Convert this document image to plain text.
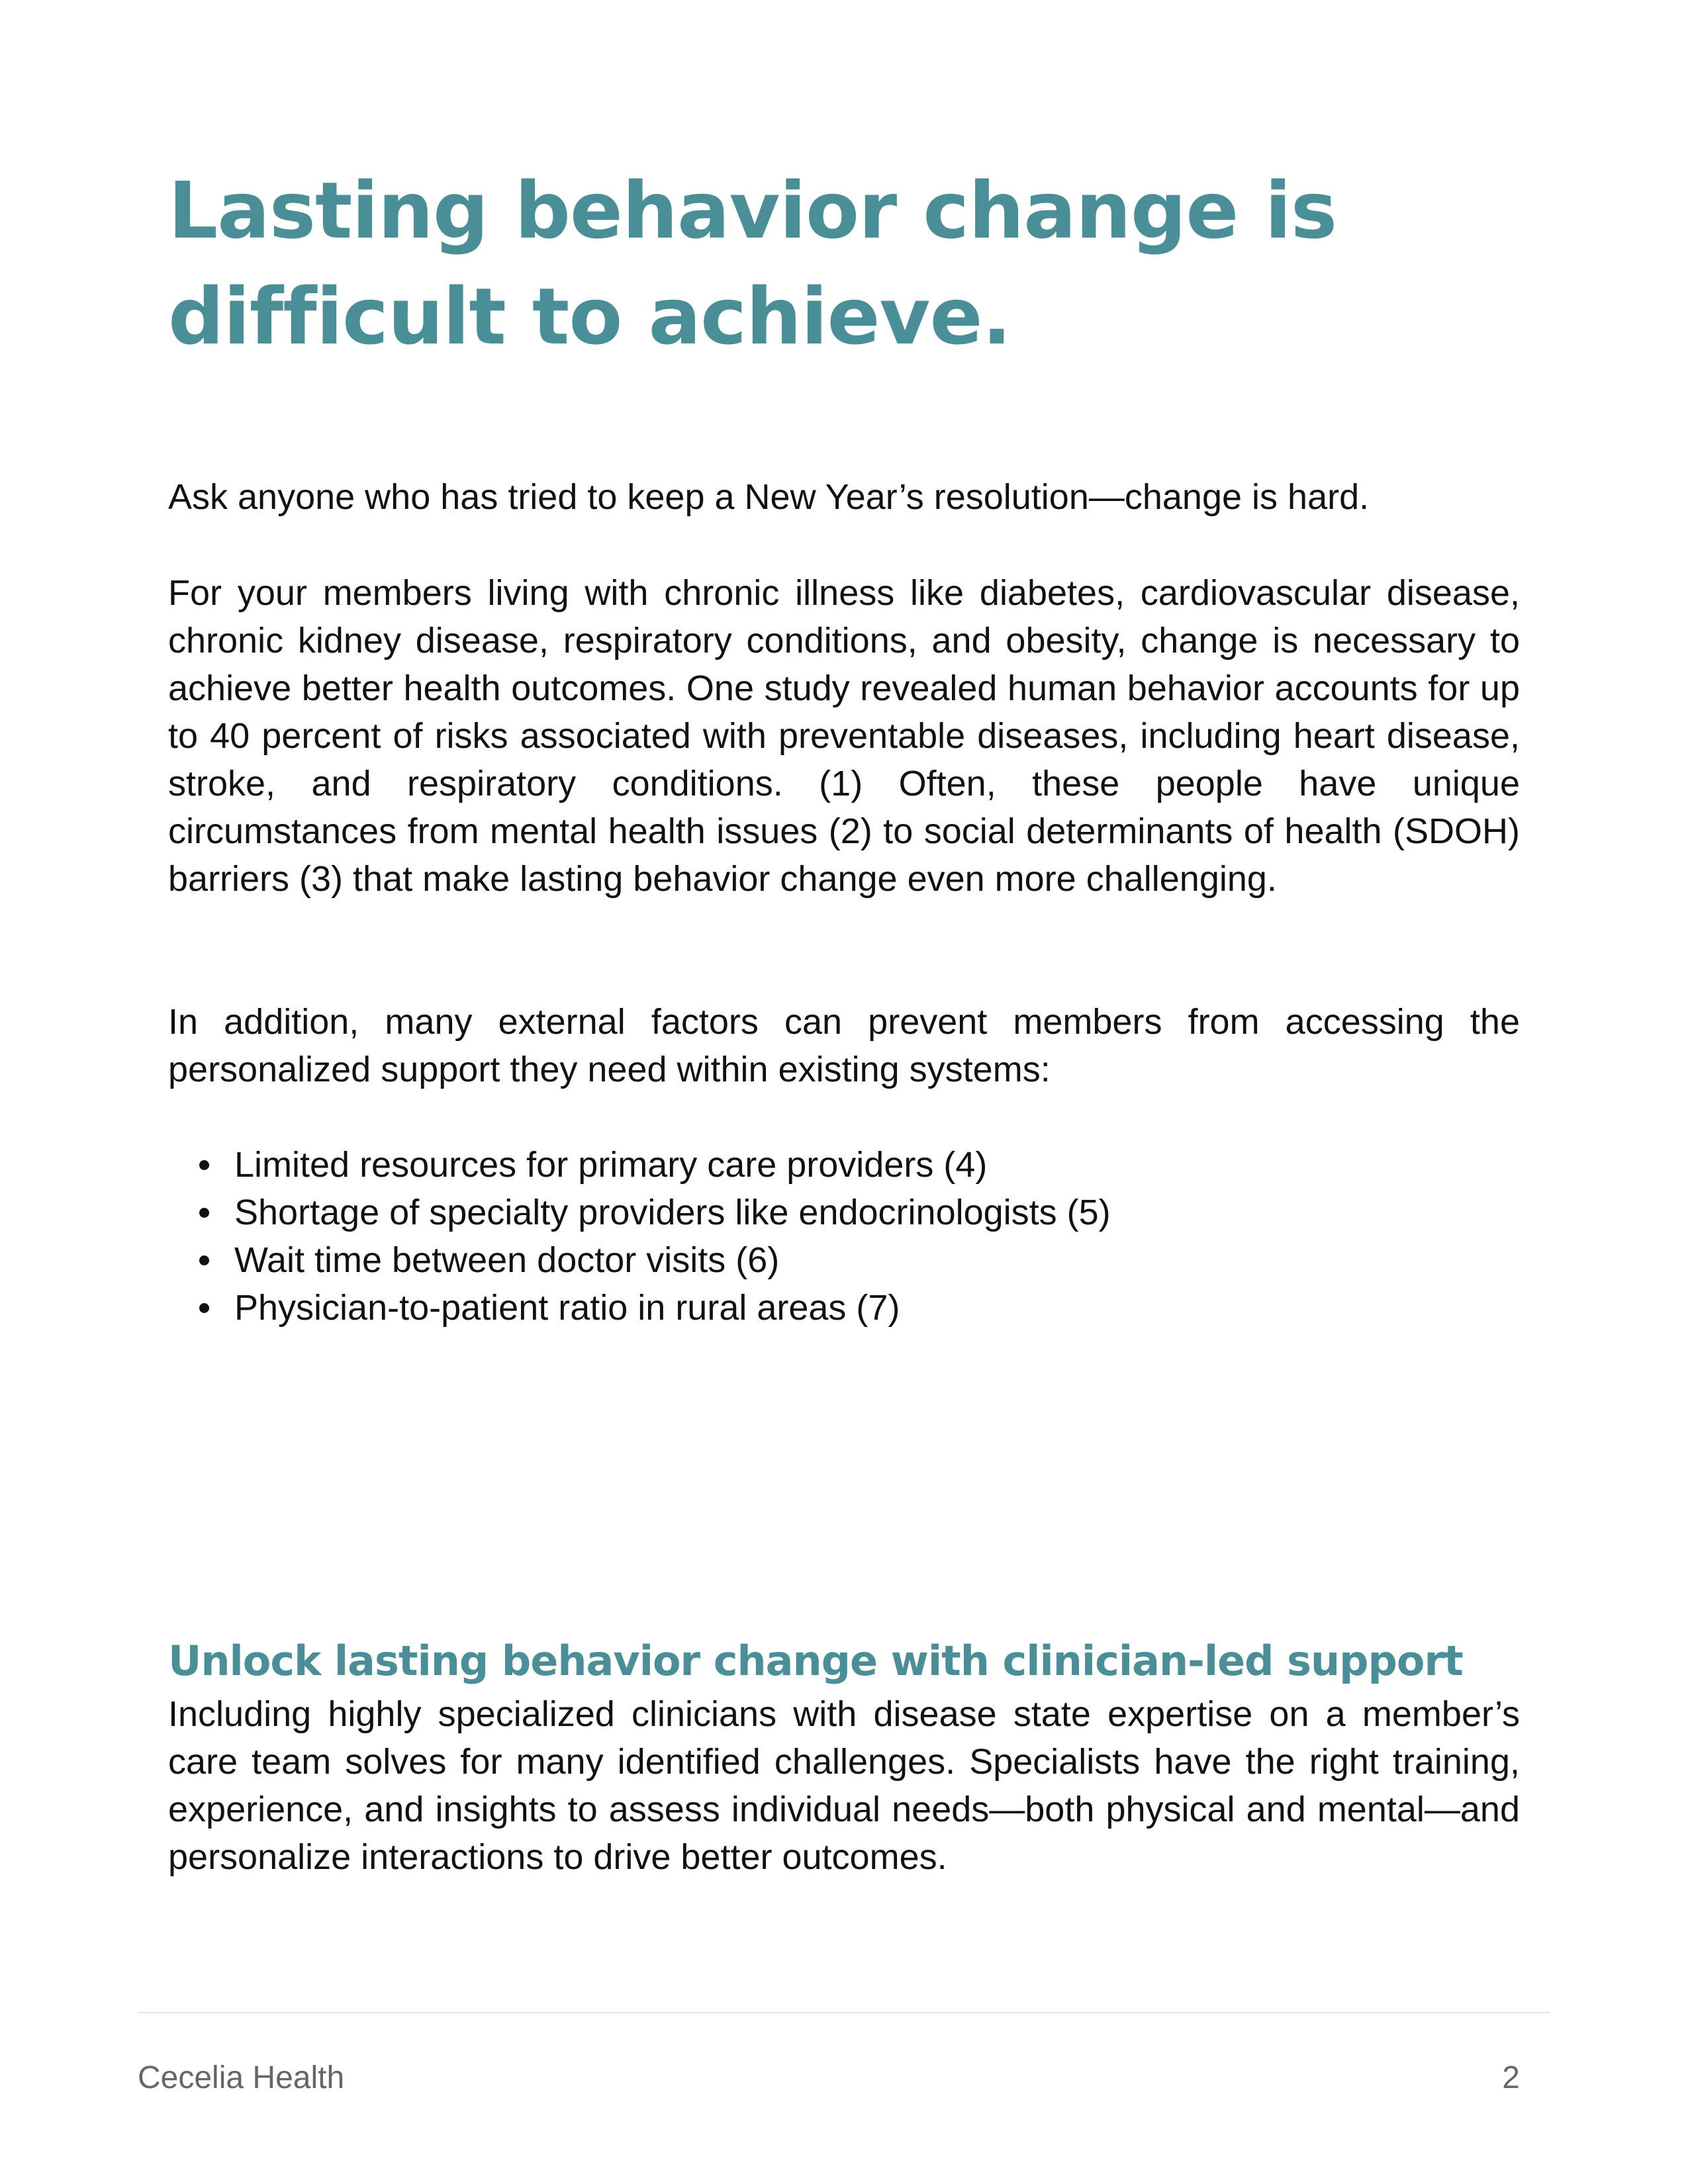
Lasting behavior change is difficult to achieve.

Ask anyone who has tried to keep a New Year’s resolution—change is hard.

For your members living with chronic illness like diabetes, cardiovascular disease, chronic kidney disease, respiratory conditions, and obesity, change is necessary to achieve better health outcomes. One study revealed human behavior accounts for up to 40 percent of risks associated with preventable diseases, including heart disease, stroke, and respiratory conditions. (1) Often, these people have unique circumstances from mental health issues (2) to social determinants of health (SDOH) barriers (3) that make lasting behavior change even more challenging.

In addition, many external factors can prevent members from accessing the personalized support they need within existing systems:

Limited resources for primary care providers (4)
Shortage of specialty providers like endocrinologists (5)
Wait time between doctor visits (6)
Physician-to-patient ratio in rural areas (7)
Unlock lasting behavior change with clinician-led support

Including highly specialized clinicians with disease state expertise on a member’s care team solves for many identified challenges. Specialists have the right training, experience, and insights to assess individual needs—both physical and mental—and personalize interactions to drive better outcomes.

Cecelia Health	2
